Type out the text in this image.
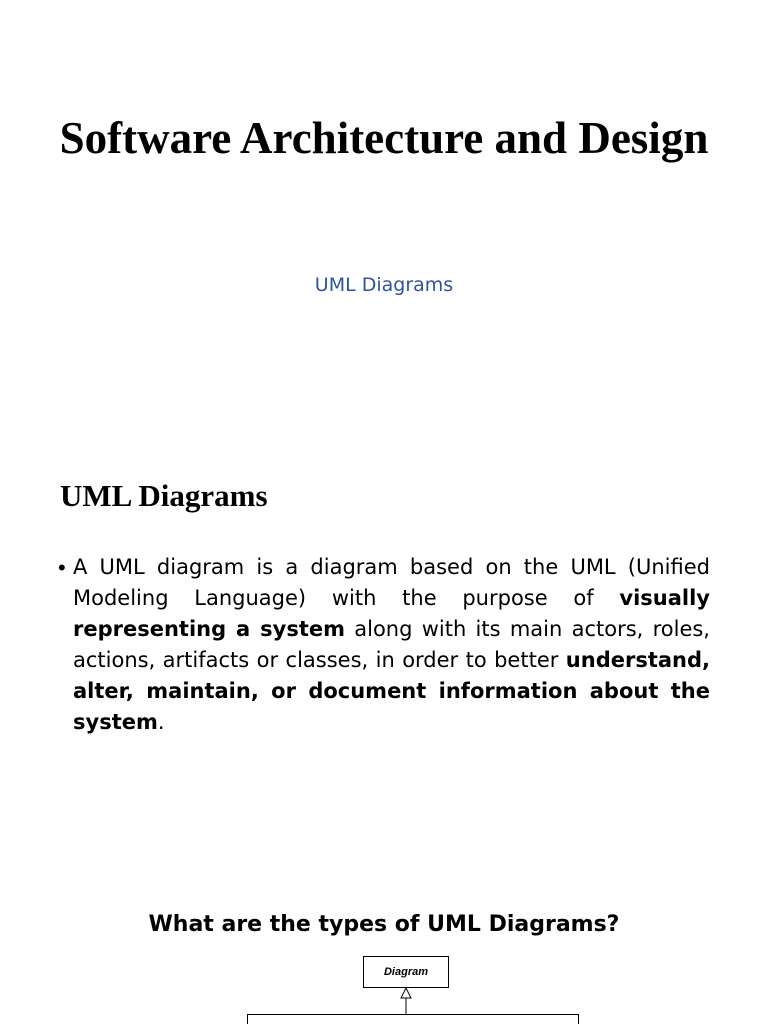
Software Architecture and Design
UML Diagrams
UML Diagrams
• A UML diagram is a diagram based on the UML (Unified Modeling Language) with the purpose of visually representing a system along with its main actors, roles, actions, artifacts or classes, in order to better understand, alter, maintain, or document information about the system.
What are the types of UML Diagrams?
Diagram
